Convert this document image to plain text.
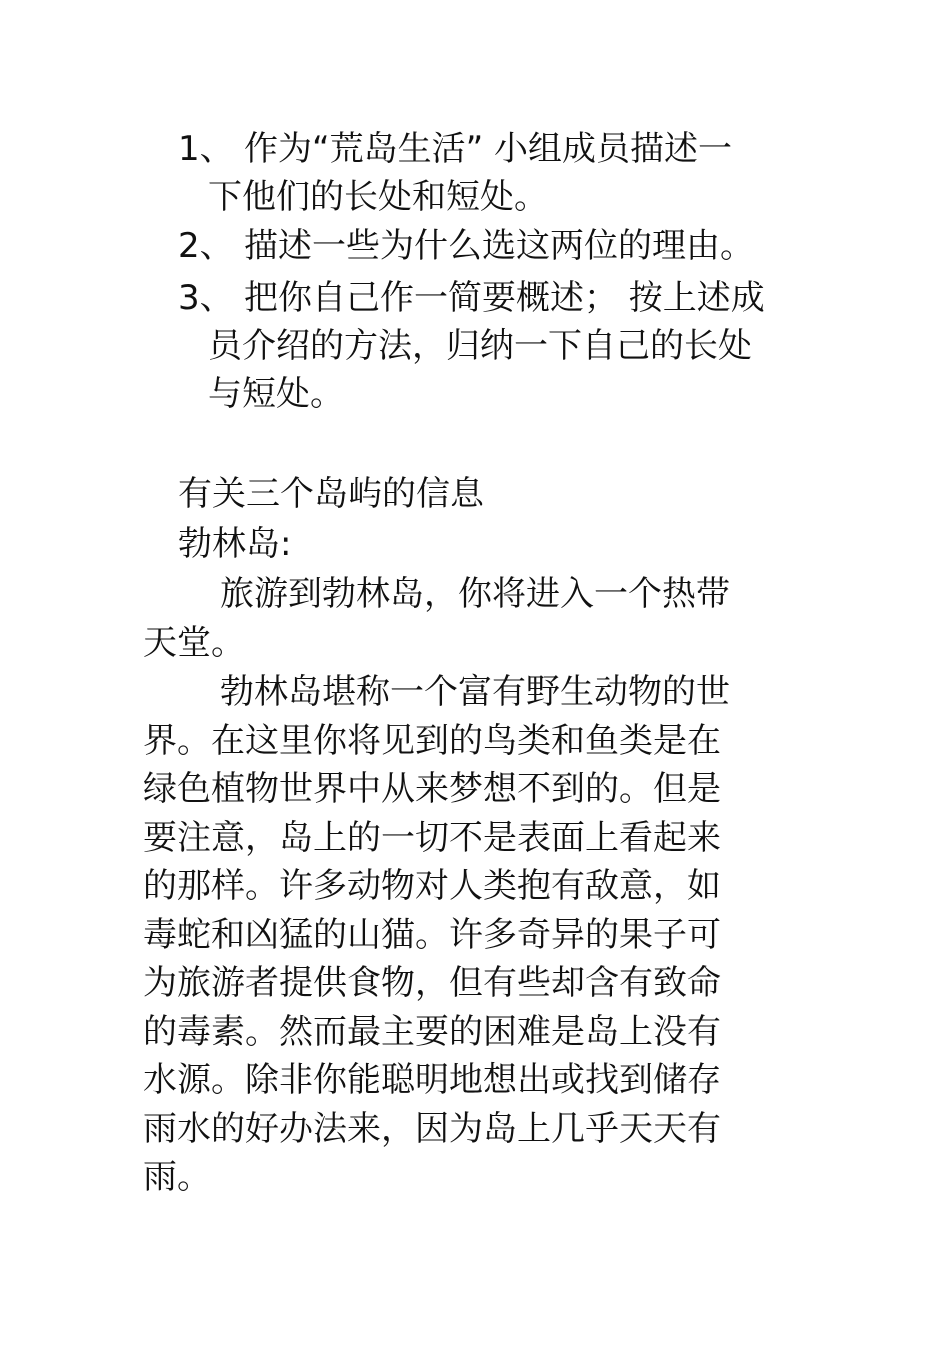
1、 作为“荒岛生活” 小组成员描述一
下他们的长处和短处。
2、 描述一些为什么选这两位的理由。
3、 把你自己作一简要概述； 按上述成
员介绍的方法，归纳一下自己的长处
与短处。
有关三个岛屿的信息
勃林岛:
旅游到勃林岛，你将进入一个热带
天堂。
勃林岛堪称一个富有野生动物的世
界。在这里你将见到的鸟类和鱼类是在
绿色植物世界中从来梦想不到的。但是
要注意，岛上的一切不是表面上看起来
的那样。许多动物对人类抱有敌意，如
毒蛇和凶猛的山猫。许多奇异的果子可
为旅游者提供食物，但有些却含有致命
的毒素。然而最主要的困难是岛上没有
水源。除非你能聪明地想出或找到储存
雨水的好办法来，因为岛上几乎天天有
雨。
